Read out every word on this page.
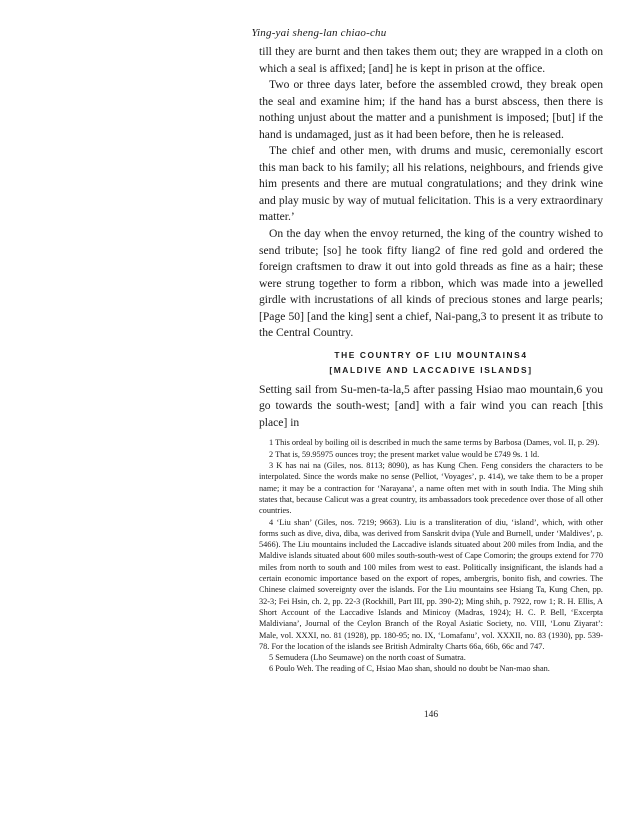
Ying-yai sheng-lan chiao-chu

till they are burnt and then takes them out; they are wrapped in a cloth on which a seal is affixed; [and] he is kept in prison at the office.

Two or three days later, before the assembled crowd, they break open the seal and examine him; if the hand has a burst abscess, then there is nothing unjust about the matter and a punishment is imposed; [but] if the hand is undamaged, just as it had been before, then he is released.

The chief and other men, with drums and music, ceremonially escort this man back to his family; all his relations, neighbours, and friends give him presents and there are mutual congratulations; and they drink wine and play music by way of mutual felicitation. This is a very extraordinary matter.’

On the day when the envoy returned, the king of the country wished to send tribute; [so] he took fifty liang2 of fine red gold and ordered the foreign craftsmen to draw it out into gold threads as fine as a hair; these were strung together to form a ribbon, which was made into a jewelled girdle with incrustations of all kinds of precious stones and large pearls; [Page 50] [and the king] sent a chief, Nai-pang,3 to present it as tribute to the Central Country.

THE COUNTRY OF LIU MOUNTAINS4
[MALDIVE AND LACCADIVE ISLANDS]

Setting sail from Su-men-ta-la,5 after passing Hsiao mao mountain,6 you go towards the south-west; [and] with a fair wind you can reach [this place] in

1 This ordeal by boiling oil is described in much the same terms by Barbosa (Dames, vol. II, p. 29).

2 That is, 59.95975 ounces troy; the present market value would be £749 9s. 1 ld.

3 K has nai na (Giles, nos. 8113; 8090), as has Kung Chen. Feng considers the characters to be interpolated. Since the words make no sense (Pelliot, ‘Voyages’, p. 414), we take them to be a proper name; it may be a contraction for ‘Narayana’, a name often met with in south India. The Ming shih states that, because Calicut was a great country, its ambassadors took precedence over those of all other countries.

4 ‘Liu shan’ (Giles, nos. 7219; 9663). Liu is a transliteration of diu, ‘island’, which, with other forms such as dive, diva, diba, was derived from Sanskrit dvipa (Yule and Burnell, under ‘Maldives’, p. 5466). The Liu mountains included the Laccadive islands situated about 200 miles from India, and the Maldive islands situated about 600 miles south-south-west of Cape Comorin; the groups extend for 770 miles from north to south and 100 miles from west to east. Politically insignificant, the islands had a certain economic importance based on the export of ropes, ambergris, bonito fish, and cowries. The Chinese claimed sovereignty over the islands. For the Liu mountains see Hsiang Ta, Kung Chen, pp. 32-3; Fei Hsin, ch. 2, pp. 22-3 (Rockhill, Part III, pp. 390-2); Ming shih, p. 7922, row 1; R. H. Ellis, A Short Account of the Laccadive Islands and Minicoy (Madras, 1924); H. C. P. Bell, ‘Excerpta Maldiviana’, Journal of the Ceylon Branch of the Royal Asiatic Society, no. VIII, ‘Lonu Ziyarat’: Male, vol. XXXI, no. 81 (1928), pp. 180-95; no. IX, ‘Lomafanu’, vol. XXXII, no. 83 (1930), pp. 539-78. For the location of the islands see British Admiralty Charts 66a, 66b, 66c and 747.

5 Semudera (Lho Seumawe) on the north coast of Sumatra.

6 Poulo Weh. The reading of C, Hsiao Mao shan, should no doubt be Nan-mao shan.

146
